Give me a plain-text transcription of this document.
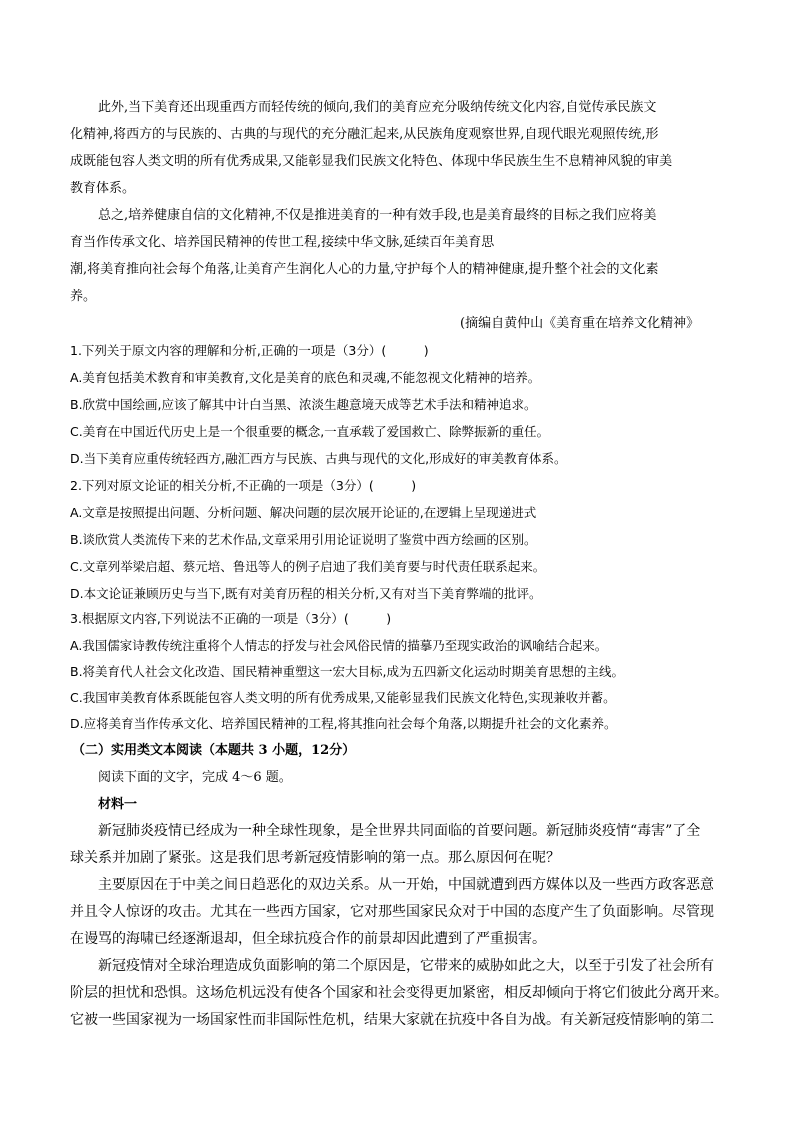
此外,当下美育还出现重西方而轻传统的倾向,我们的美育应充分吸纳传统文化内容,自觉传承民族文
化精神,将西方的与民族的、古典的与现代的充分融汇起来,从民族角度观察世界,自现代眼光观照传统,形
成既能包容人类文明的所有优秀成果,又能彰显我们民族文化特色、体现中华民族生生不息精神风貌的审美
教育体系。
总之,培养健康自信的文化精神,不仅是推进美育的一种有效手段,也是美育最终的目标之我们应将美
育当作传承文化、培养国民精神的传世工程,接续中华文脉,延续百年美育思
潮,将美育推向社会每个角落,让美育产生润化人心的力量,守护每个人的精神健康,提升整个社会的文化素
养。
(摘编自黄仲山《美育重在培养文化精神》
1.下列关于原文内容的理解和分析,正确的一项是（3分）(　　　)
A.美育包括美术教育和审美教育,文化是美育的底色和灵魂,不能忽视文化精神的培养。
B.欣赏中国绘画,应该了解其中计白当黑、浓淡生趣意境天成等艺术手法和精神追求。
C.美育在中国近代历史上是一个很重要的概念,一直承载了爱国救亡、除弊振新的重任。
D.当下美育应重传统轻西方,融汇西方与民族、古典与现代的文化,形成好的审美教育体系。
2.下列对原文论证的相关分析,不正确的一项是（3分）(　　　)
A.文章是按照提出问题、分析问题、解决问题的层次展开论证的,在逻辑上呈现递进式
B.谈欣赏人类流传下来的艺术作品,文章采用引用论证说明了鉴赏中西方绘画的区别。
C.文章列举梁启超、蔡元培、鲁迅等人的例子启迪了我们美育要与时代责任联系起来。
D.本文论证兼顾历史与当下,既有对美育历程的相关分析,又有对当下美育弊端的批评。
3.根据原文内容,下列说法不正确的一项是（3分）(　　　)
A.我国儒家诗教传统注重将个人情志的抒发与社会风俗民情的描摹乃至现实政治的讽喻结合起来。
B.将美育代人社会文化改造、国民精神重塑这一宏大目标,成为五四新文化运动时期美育思想的主线。
C.我国审美教育体系既能包容人类文明的所有优秀成果,又能彰显我们民族文化特色,实现兼收并蓄。
D.应将美育当作传承文化、培养国民精神的工程,将其推向社会每个角落,以期提升社会的文化素养。
（二）实用类文本阅读（本题共 3 小题，12分）
阅读下面的文字，完成 4～6 题。
材料一
新冠肺炎疫情已经成为一种全球性现象，是全世界共同面临的首要问题。新冠肺炎疫情“毒害”了全
球关系并加剧了紧张。这是我们思考新冠疫情影响的第一点。那么原因何在呢？
主要原因在于中美之间日趋恶化的双边关系。从一开始，中国就遭到西方媒体以及一些西方政客恶意
并且令人惊讶的攻击。尤其在一些西方国家，它对那些国家民众对于中国的态度产生了负面影响。尽管现
在谩骂的海啸已经逐渐退却，但全球抗疫合作的前景却因此遭到了严重损害。
新冠疫情对全球治理造成负面影响的第二个原因是，它带来的威胁如此之大，以至于引发了社会所有
阶层的担忧和恐惧。这场危机远没有使各个国家和社会变得更加紧密，相反却倾向于将它们彼此分离开来。
它被一些国家视为一场国家性而非国际性危机，结果大家就在抗疫中各自为战。有关新冠疫情影响的第二
